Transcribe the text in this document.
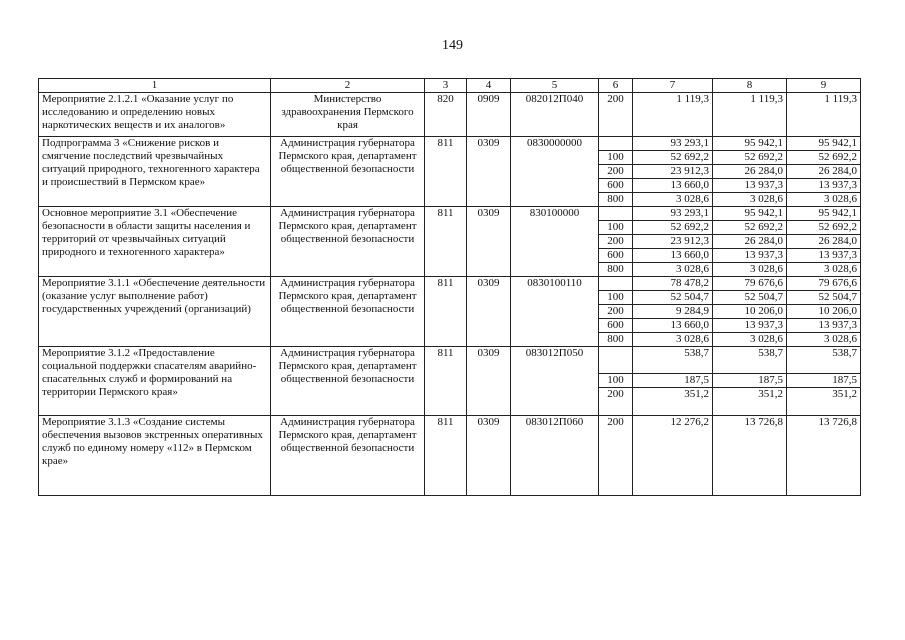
149
1	2	3	4	5	6	7	8	9
Мероприятие 2.1.2.1 «Оказание услуг по исследованию и определению новых наркотических веществ и их аналогов»	Министерство здравоохранения Пермского края	820	0909	082012П040	200	1 119,3	1 119,3	1 119,3
Подпрограмма 3 «Снижение рисков и смягчение последствий чрезвычайных ситуаций природного, техногенного характера и происшествий в Пермском крае»	Администрация губернатора Пермского края, департамент общественной безопасности	811	0309	0830000000		93 293,1	95 942,1	95 942,1
					100	52 692,2	52 692,2	52 692,2
					200	23 912,3	26 284,0	26 284,0
					600	13 660,0	13 937,3	13 937,3
					800	3 028,6	3 028,6	3 028,6
Основное мероприятие 3.1 «Обеспечение безопасности в области защиты населения и территорий от чрезвычайных ситуаций природного и техногенного характера»	Администрация губернатора Пермского края, департамент общественной безопасности	811	0309	830100000		93 293,1	95 942,1	95 942,1
					100	52 692,2	52 692,2	52 692,2
					200	23 912,3	26 284,0	26 284,0
					600	13 660,0	13 937,3	13 937,3
					800	3 028,6	3 028,6	3 028,6
Мероприятие 3.1.1 «Обеспечение деятельности (оказание услуг выполнение работ) государственных учреждений (организаций)	Администрация губернатора Пермского края, департамент общественной безопасности	811	0309	0830100110		78 478,2	79 676,6	79 676,6
					100	52 504,7	52 504,7	52 504,7
					200	9 284,9	10 206,0	10 206,0
					600	13 660,0	13 937,3	13 937,3
					800	3 028,6	3 028,6	3 028,6
Мероприятие 3.1.2 «Предоставление социальной поддержки спасателям аварийно-спасательных служб и формирований на территории Пермского края»	Администрация губернатора Пермского края, департамент общественной безопасности	811	0309	083012П050		538,7	538,7	538,7
					100	187,5	187,5	187,5
					200	351,2	351,2	351,2
Мероприятие 3.1.3 «Создание системы обеспечения вызовов экстренных оперативных служб по единому номеру «112» в Пермском крае»	Администрация губернатора Пермского края, департамент общественной безопасности	811	0309	083012П060	200	12 276,2	13 726,8	13 726,8
